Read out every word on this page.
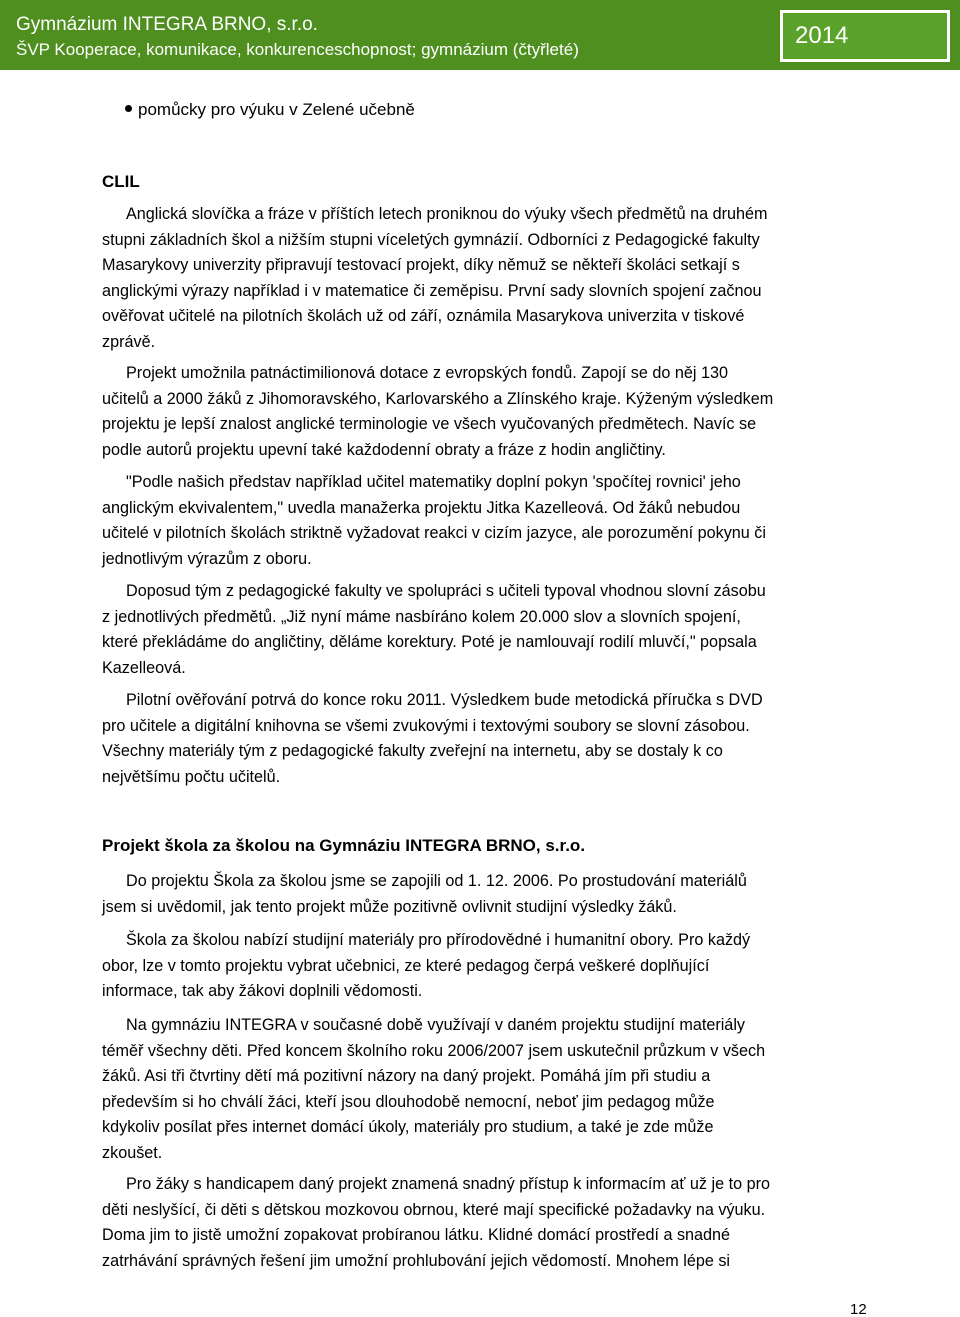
Gymnázium INTEGRA BRNO, s.r.o.
ŠVP Kooperace, komunikace, konkurenceschopnost; gymnázium (čtyřleté)
2014
pomůcky pro výuku v Zelené učebně
CLIL
Anglická slovíčka a fráze v příštích letech proniknou do výuky všech předmětů na druhém
stupni základních škol a nižším stupni víceletých gymnázií. Odborníci z Pedagogické fakulty
Masarykovy univerzity připravují testovací projekt, díky němuž se někteří školáci setkají s
anglickými výrazy například i v matematice či zeměpisu. První sady slovních spojení začnou
ověřovat učitelé na pilotních školách už od září, oznámila Masarykova univerzita v tiskové
zprávě.
Projekt umožnila patnáctimilionová dotace z evropských fondů. Zapojí se do něj 130
učitelů a 2000 žáků z Jihomoravského, Karlovarského a Zlínského kraje. Kýženým výsledkem
projektu je lepší znalost anglické terminologie ve všech vyučovaných předmětech. Navíc se
podle autorů projektu upevní také každodenní obraty a fráze z hodin angličtiny.
"Podle našich představ například učitel matematiky doplní pokyn 'spočítej rovnici' jeho
anglickým ekvivalentem," uvedla manažerka projektu Jitka Kazelleová. Od žáků nebudou
učitelé v pilotních školách striktně vyžadovat reakci v cizím jazyce, ale porozumění pokynu či
jednotlivým výrazům z oboru.
Doposud tým z pedagogické fakulty ve spolupráci s učiteli typoval vhodnou slovní zásobu
z jednotlivých předmětů. „Již nyní máme nasbíráno kolem 20.000 slov a slovních spojení,
které překládáme do angličtiny, děláme korektury. Poté je namlouvají rodilí mluvčí," popsala
Kazelleová.
Pilotní ověřování potrvá do konce roku 2011. Výsledkem bude metodická příručka s DVD
pro učitele a digitální knihovna se všemi zvukovými i textovými soubory se slovní zásobou.
Všechny materiály tým z pedagogické fakulty zveřejní na internetu, aby se dostaly k co
největšímu počtu učitelů.
Projekt škola za školou na Gymnáziu INTEGRA BRNO, s.r.o.
Do projektu Škola za školou jsme se zapojili od 1. 12. 2006. Po prostudování materiálů
jsem si uvědomil, jak tento projekt může pozitivně ovlivnit studijní výsledky žáků.
Škola za školou nabízí studijní materiály pro přírodovědné i humanitní obory. Pro každý
obor, lze v tomto projektu vybrat učebnici, ze které pedagog čerpá veškeré doplňující
informace, tak aby žákovi doplnili vědomosti.
Na gymnáziu INTEGRA v současné době využívají v daném projektu studijní materiály
téměř všechny děti. Před koncem školního roku 2006/2007 jsem uskutečnil průzkum v všech
žáků. Asi tři čtvrtiny dětí má pozitivní názory na daný projekt. Pomáhá jím při studiu a
především si ho chválí žáci, kteří jsou dlouhodobě nemocní, neboť jim pedagog může
kdykoliv posílat přes internet domácí úkoly, materiály pro studium, a také je zde může
zkoušet.
Pro žáky s handicapem daný projekt znamená snadný přístup k informacím ať už je to pro
děti neslyšící, či děti s dětskou mozkovou obrnou, které mají specifické požadavky na výuku.
Doma jim to jistě umožní zopakovat probíranou látku. Klidné domácí prostředí a snadné
zatrhávání správných řešení jim umožní prohlubování jejich vědomostí. Mnohem lépe si
12
